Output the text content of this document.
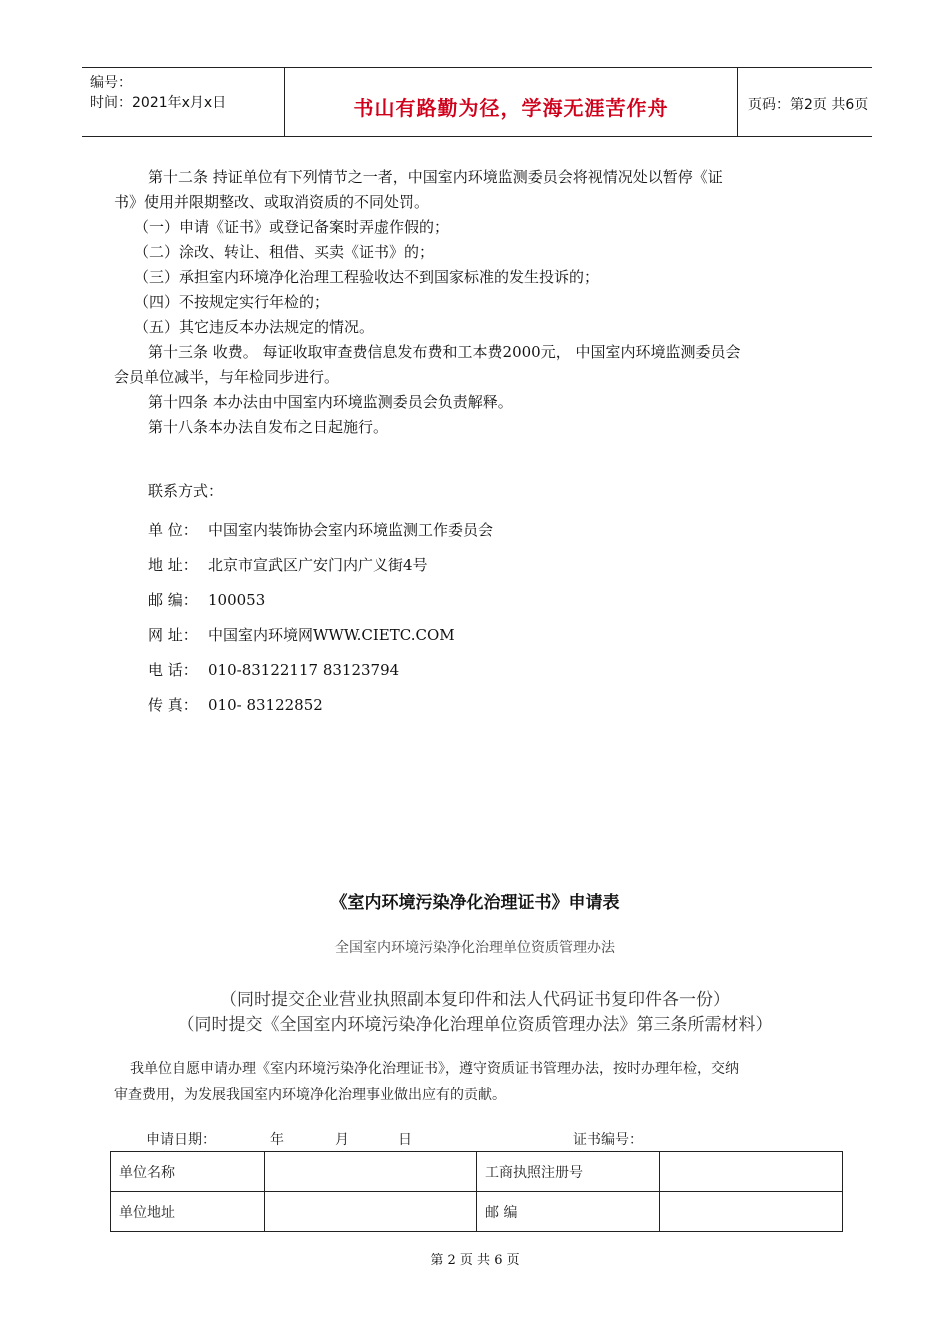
编号：
时间：2021年x月x日	书山有路勤为径，学海无涯苦作舟	页码：第2页 共6页
第十二条 持证单位有下列情节之一者，中国室内环境监测委员会将视情况处以暂停《证
书》使用并限期整改、或取消资质的不同处罚。
（一）申请《证书》或登记备案时弄虚作假的；
（二）涂改、转让、租借、买卖《证书》的；
（三）承担室内环境净化治理工程验收达不到国家标准的发生投诉的；
（四）不按规定实行年检的；
（五）其它违反本办法规定的情况。
第十三条 收费。 每证收取审查费信息发布费和工本费2000元， 中国室内环境监测委员会
会员单位减半，与年检同步进行。
第十四条 本办法由中国室内环境监测委员会负责解释。
第十八条本办法自发布之日起施行。
联系方式：
单 位： 中国室内装饰协会室内环境监测工作委员会
地 址： 北京市宣武区广安门内广义街4号
邮 编： 100053
网 址： 中国室内环境网WWW.CIETC.COM
电 话： 010-83122117 83123794
传 真： 010- 83122852
《室内环境污染净化治理证书》申请表
全国室内环境污染净化治理单位资质管理办法
（同时提交企业营业执照副本复印件和法人代码证书复印件各一份）
（同时提交《全国室内环境污染净化治理单位资质管理办法》第三条所需材料）
我单位自愿申请办理《室内环境污染净化治理证书》，遵守资质证书管理办法，按时办理年检，交纳
审查费用，为发展我国室内环境净化治理事业做出应有的贡献。
申请日期：	年	月	日	证书编号：
单位名称		工商执照注册号	
单位地址		邮 编	
第 2 页 共 6 页
